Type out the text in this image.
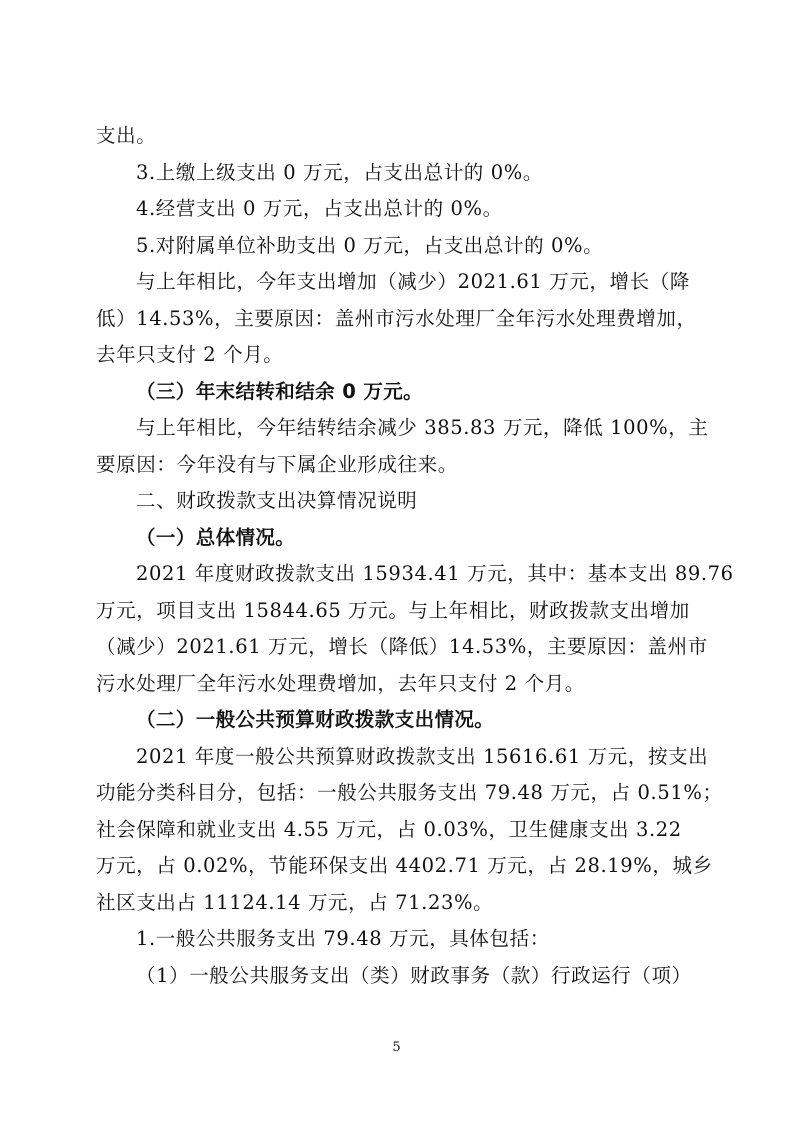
支出。
3.上缴上级支出 0 万元，占支出总计的 0%。
4.经营支出 0 万元，占支出总计的 0%。
5.对附属单位补助支出 0 万元，占支出总计的 0%。
与上年相比，今年支出增加（减少）2021.61 万元，增长（降
低）14.53%，主要原因：盖州市污水处理厂全年污水处理费增加，
去年只支付 2 个月。
（三）年末结转和结余 0 万元。
与上年相比，今年结转结余减少 385.83 万元，降低 100%，主
要原因：今年没有与下属企业形成往来。
二、财政拨款支出决算情况说明
（一）总体情况。
2021 年度财政拨款支出 15934.41 万元，其中：基本支出 89.76
万元，项目支出 15844.65 万元。与上年相比，财政拨款支出增加
（减少）2021.61 万元，增长（降低）14.53%，主要原因：盖州市
污水处理厂全年污水处理费增加，去年只支付 2 个月。
（二）一般公共预算财政拨款支出情况。
2021 年度一般公共预算财政拨款支出 15616.61 万元，按支出
功能分类科目分，包括：一般公共服务支出 79.48 万元，占 0.51%；
社会保障和就业支出 4.55 万元，占 0.03%，卫生健康支出 3.22
万元，占 0.02%，节能环保支出 4402.71 万元，占 28.19%，城乡
社区支出占 11124.14 万元，占 71.23%。
1.一般公共服务支出 79.48 万元，具体包括：
（1）一般公共服务支出（类）财政事务（款）行政运行（项）
5
